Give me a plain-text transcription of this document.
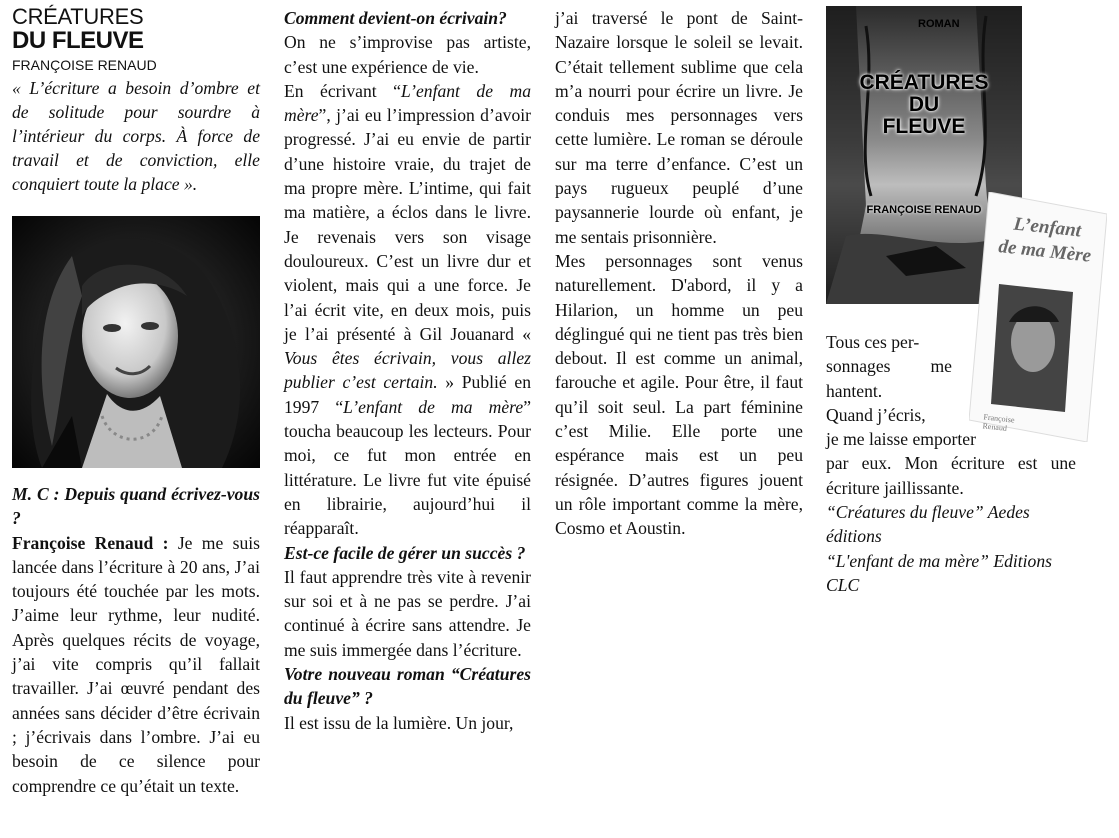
CRÉATURES
DU FLEUVE
FRANÇOISE RENAUD

« L’écriture a besoin d’ombre et de solitude pour sourdre à l’intérieur du corps. À force de travail et de conviction, elle conquiert toute la place ».

M. C : Depuis quand écrivez-vous ?

Françoise Renaud : Je me suis lancée dans l’écriture à 20 ans, J’ai toujours été touchée par les mots. J’aime leur rythme, leur nudité. Après quelques récits de voyage, j’ai vite compris qu’il fallait travailler. J’ai œuvré pendant des années sans décider d’être écrivain ; j’écrivais dans l’ombre. J’ai eu besoin de ce silence pour comprendre ce qu’était un texte.

Comment devient-on écrivain?

On ne s’improvise pas artiste, c’est une expérience de vie.

En écrivant “L’enfant de ma mère”, j’ai eu l’impression d’avoir progressé. J’ai eu envie de partir d’une histoire vraie, du trajet de ma propre mère. L’intime, qui fait ma matière, a éclos dans le livre. Je revenais vers son visage douloureux. C’est un livre dur et violent, mais qui a une force. Je l’ai écrit vite, en deux mois, puis je l’ai présenté à Gil Jouanard « Vous êtes écrivain, vous allez publier c’est certain. » Publié en 1997 “L’enfant de ma mère” toucha beaucoup les lecteurs. Pour moi, ce fut mon entrée en littérature. Le livre fut vite épuisé en librairie, aujourd’hui il réapparaît.

Est-ce facile de gérer un succès ?

Il faut apprendre très vite à revenir sur soi et à ne pas se perdre. J’ai continué à écrire sans attendre. Je me suis immergée dans l’écriture.

Votre nouveau roman “Créatures du fleuve” ?

Il est issu de la lumière. Un jour,

j’ai traversé le pont de Saint-Nazaire lorsque le soleil se levait. C’était tellement sublime que cela m’a nourri pour écrire un livre. Je conduis mes personnages vers cette lumière. Le roman se déroule sur ma terre d’enfance. C’est un pays rugueux peuplé d’une paysannerie lourde où enfant, je me sentais prisonnière.

Mes personnages sont venus naturellement. D'abord, il y a Hilarion, un homme un peu déglingué qui ne tient pas très bien debout. Il est comme un animal, farouche et agile. Pour être, il faut qu’il soit seul. La part féminine c’est Milie. Elle porte une espérance mais est un peu résignée. D’autres figures jouent un rôle important comme la mère, Cosmo et Aoustin.

ROMAN
CRÉATURES
DU
FLEUVE
FRANÇOISE RENAUD
L’enfant
de ma Mère
Françoise
Renaud
Tous ces per-
sonnages me
hantent.
Quand j’écris,
je me laisse emporter

par eux. Mon écriture est une écriture jaillissante.

“Créatures du fleuve” Aedes éditions

“L'enfant de ma mère” Editions CLC
